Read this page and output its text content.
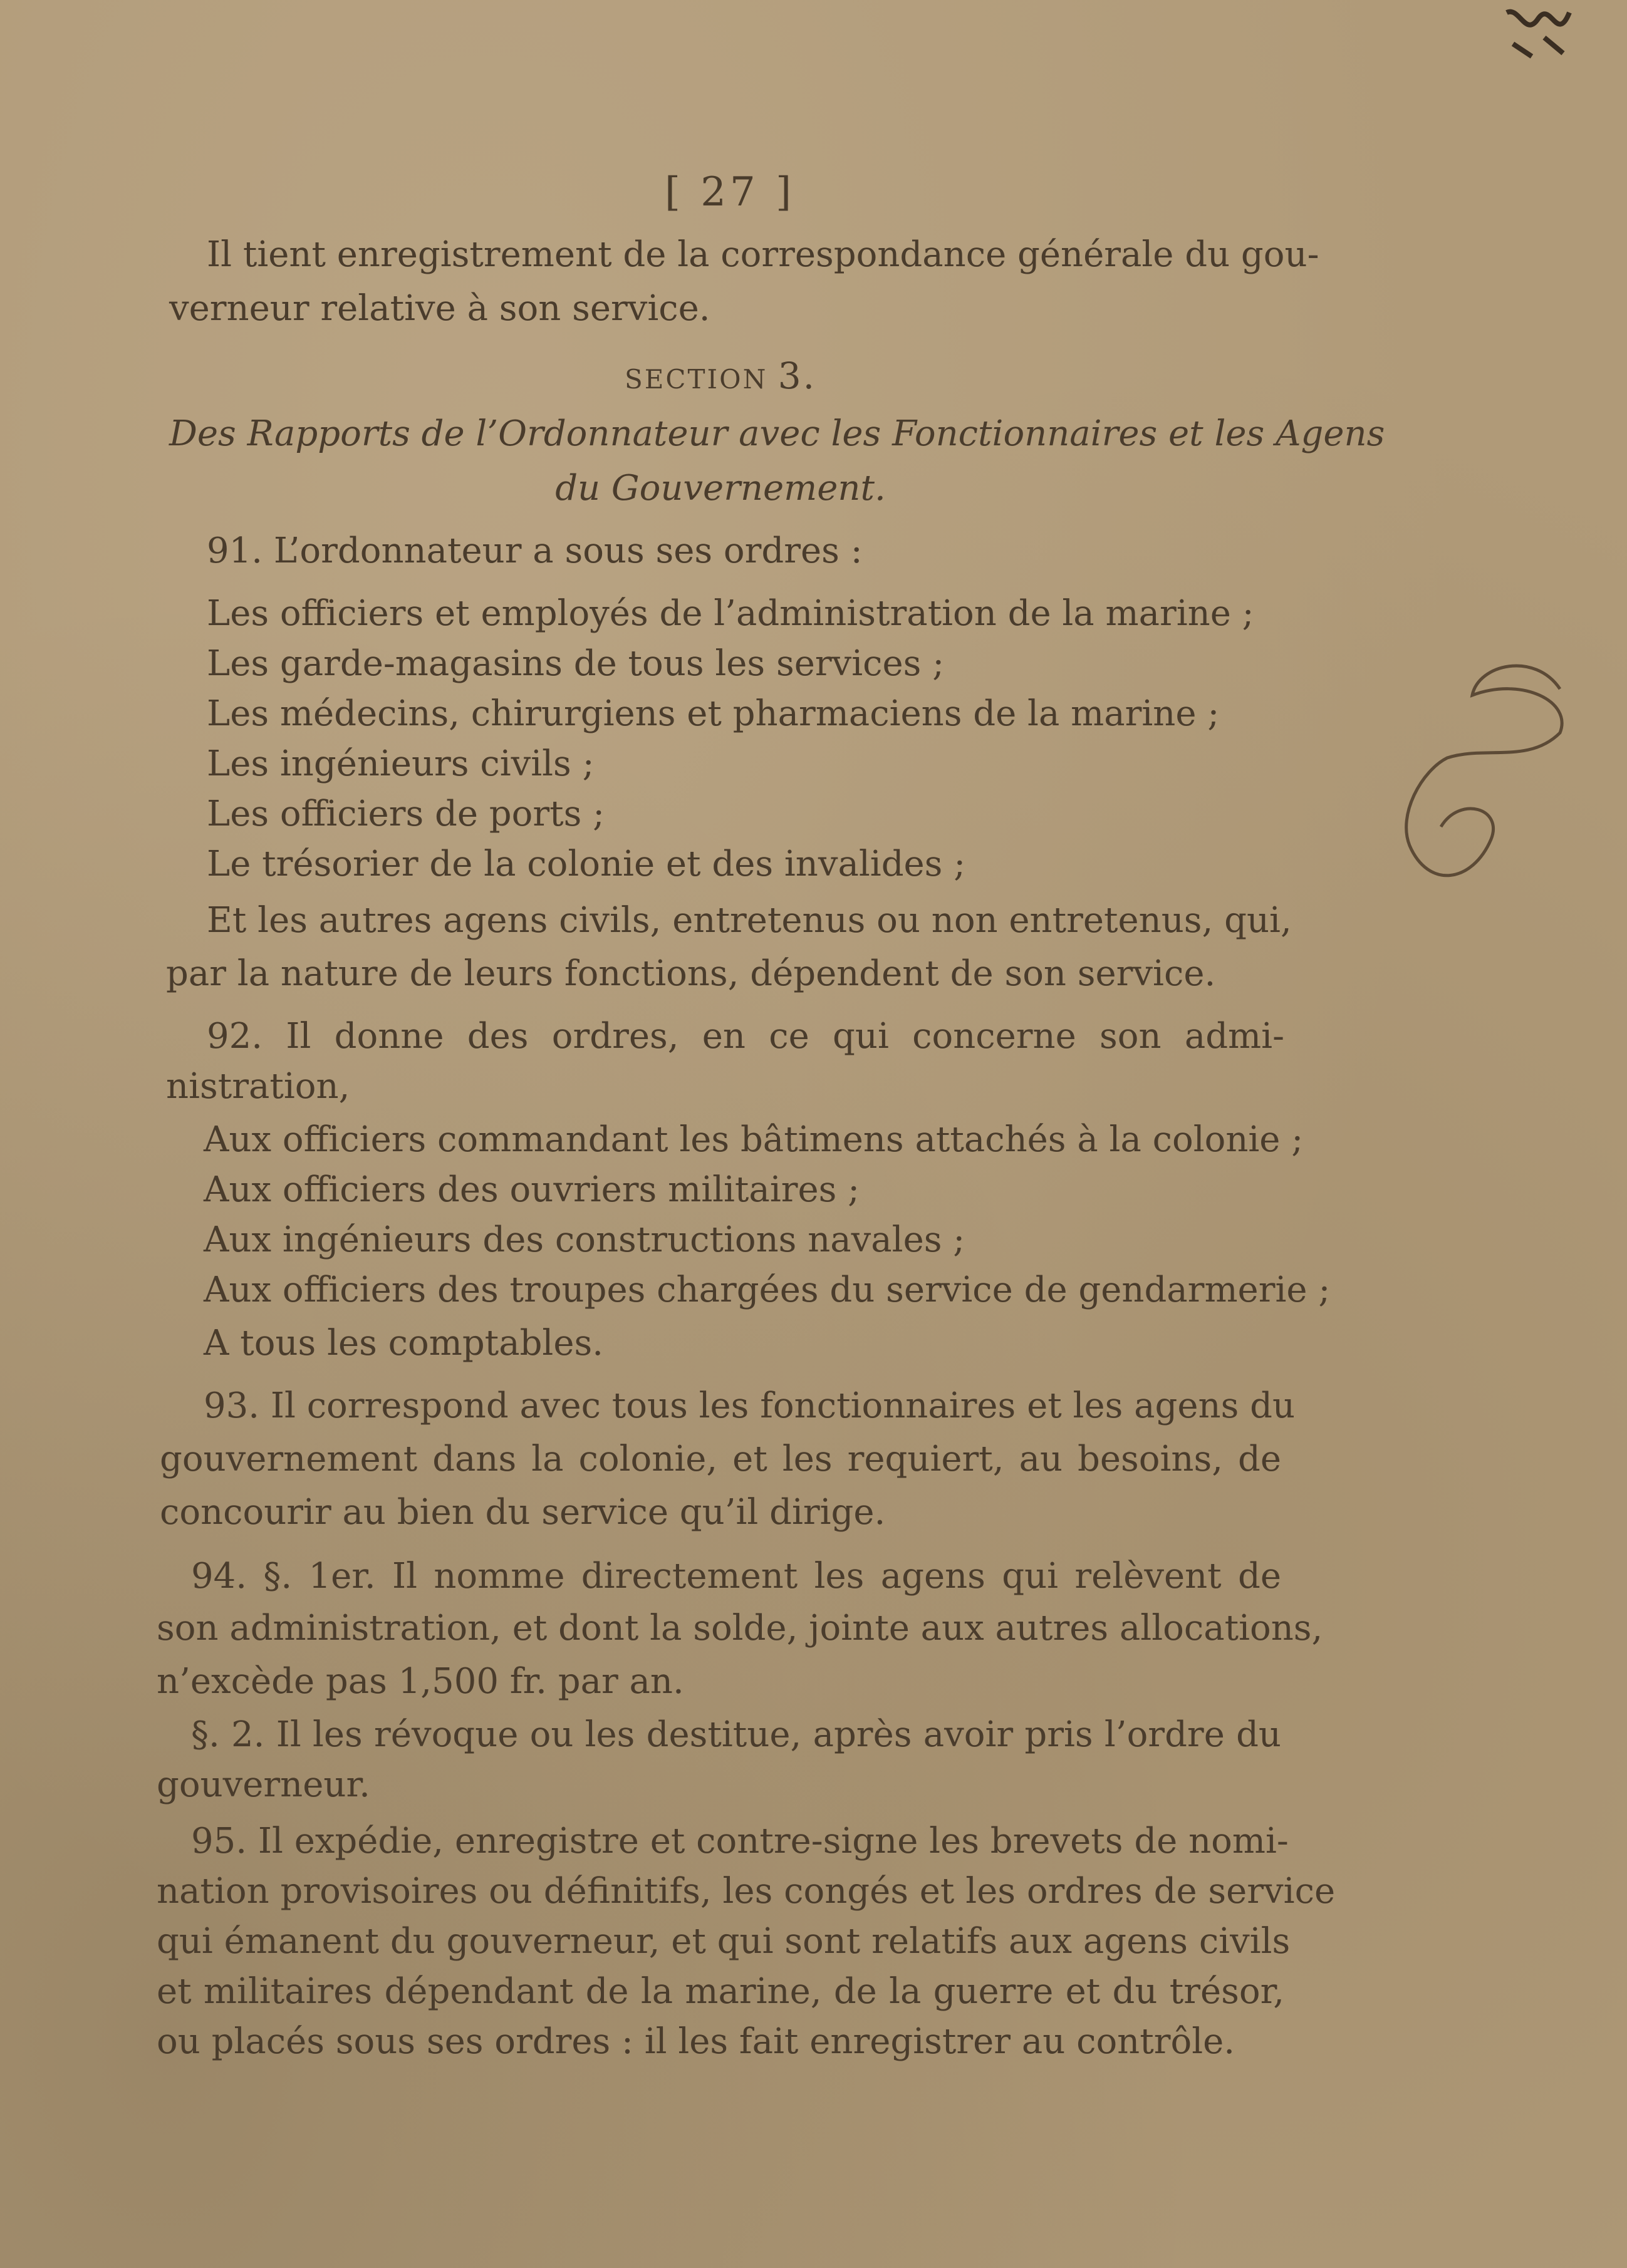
[ 27 ]
Il tient enregistrement de la correspondance générale du gou-
verneur relative à son service.
SECTION 3.
Des Rapports de l’Ordonnateur avec les Fonctionnaires et les Agens
du Gouvernement.
91. L’ordonnateur a sous ses ordres :
Les officiers et employés de l’administration de la marine ;
Les garde-magasins de tous les services ;
Les médecins, chirurgiens et pharmaciens de la marine ;
Les ingénieurs civils ;
Les officiers de ports ;
Le trésorier de la colonie et des invalides ;
Et les autres agens civils, entretenus ou non entretenus, qui,
par la nature de leurs fonctions, dépendent de son service.
92. Il donne des ordres, en ce qui concerne son admi-
nistration,
Aux officiers commandant les bâtimens attachés à la colonie ;
Aux officiers des ouvriers militaires ;
Aux ingénieurs des constructions navales ;
Aux officiers des troupes chargées du service de gendarmerie ;
A tous les comptables.
93. Il correspond avec tous les fonctionnaires et les agens du
gouvernement dans la colonie, et les requiert, au besoins, de
concourir au bien du service qu’il dirige.
94. §. 1er. Il nomme directement les agens qui relèvent de
son administration, et dont la solde, jointe aux autres allocations,
n’excède pas 1,500 fr. par an.
§. 2. Il les révoque ou les destitue, après avoir pris l’ordre du
gouverneur.
95. Il expédie, enregistre et contre-signe les brevets de nomi-
nation provisoires ou définitifs, les congés et les ordres de service
qui émanent du gouverneur, et qui sont relatifs aux agens civils
et militaires dépendant de la marine, de la guerre et du trésor,
ou placés sous ses ordres : il les fait enregistrer au contrôle.
